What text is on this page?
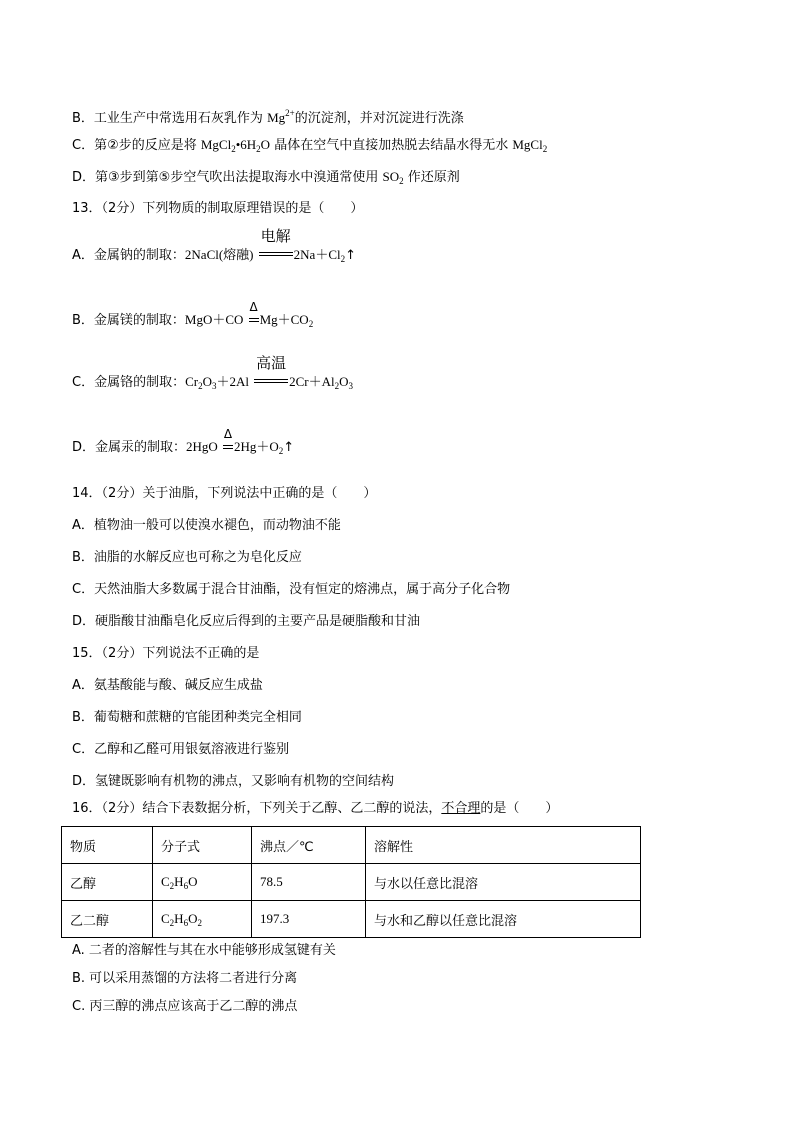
B．工业生产中常选用石灰乳作为 $Mg^{2+}$的沉淀剂，并对沉淀进行洗涤
C．第②步的反应是将 $MgCl_2•6H_2O$ 晶体在空气中直接加热脱去结晶水得无水 MgCl$_2$
D．第③步到第⑤步空气吹出法提取海水中溴通常使用 $SO_2$ 作还原剂
13．（2分）下列物质的制取原理错误的是（　　）
A．金属钠的制取：2NaCl(熔融)
电解
$2Na+Cl_2↑$
B．金属镁的制取：MgO＋CO
Δ
$Mg+CO_2$
C．金属铬的制取：$Cr_2O_3+2Al$
高温
$2Cr+Al_2O_3$
D．金属汞的制取：2HgO
Δ
$2Hg+O_2↑$
14．（2分）关于油脂，下列说法中正确的是（　　）
A．植物油一般可以使溴水褪色，而动物油不能
B．油脂的水解反应也可称之为皂化反应
C．天然油脂大多数属于混合甘油酯，没有恒定的熔沸点，属于高分子化合物
D．硬脂酸甘油酯皂化反应后得到的主要产品是硬脂酸和甘油
15．（2分）下列说法不正确的是
A．氨基酸能与酸、碱反应生成盐
B．葡萄糖和蔗糖的官能团种类完全相同
C．乙醇和乙醛可用银氨溶液进行鉴别
D．氢键既影响有机物的沸点，又影响有机物的空间结构
16．（2分）结合下表数据分析，下列关于乙醇、乙二醇的说法，不合理的是（　　）
物质	分子式	沸点／℃	溶解性
乙醇	$C_2H_6O$	78.5	与水以任意比混溶
乙二醇	$C_2H_6O_2$	197.3	与水和乙醇以任意比混溶
A. 二者的溶解性与其在水中能够形成氢键有关
B. 可以采用蒸馏的方法将二者进行分离
C. 丙三醇的沸点应该高于乙二醇的沸点
